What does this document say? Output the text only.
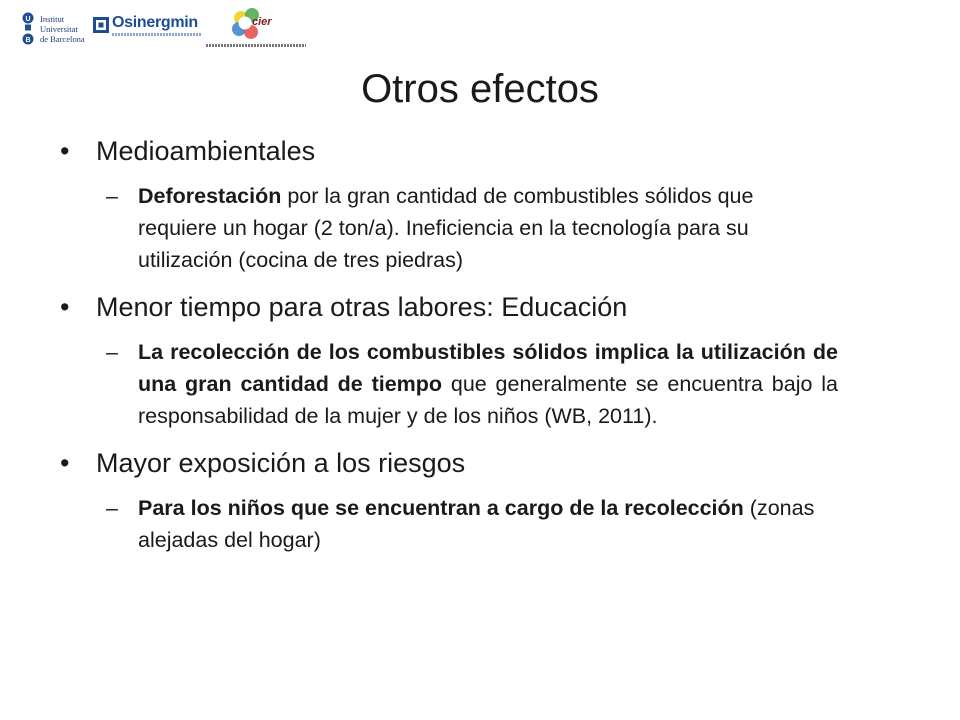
U
B
Institut
Universitat
de Barcelona
Osinergmin	cier
Otros efectos
• Medioambientales
– Deforestación por la gran cantidad de combustibles sólidos que requiere un hogar (2 ton/a). Ineficiencia en la tecnología para su utilización (cocina de tres piedras)
• Menor tiempo para otras labores: Educación
– La recolección de los combustibles sólidos implica la utilización de una gran cantidad de tiempo que generalmente se encuentra bajo la responsabilidad de la mujer y de los niños (WB, 2011).
• Mayor exposición a los riesgos
– Para los niños que se encuentran a cargo de la recolección (zonas alejadas del hogar)
